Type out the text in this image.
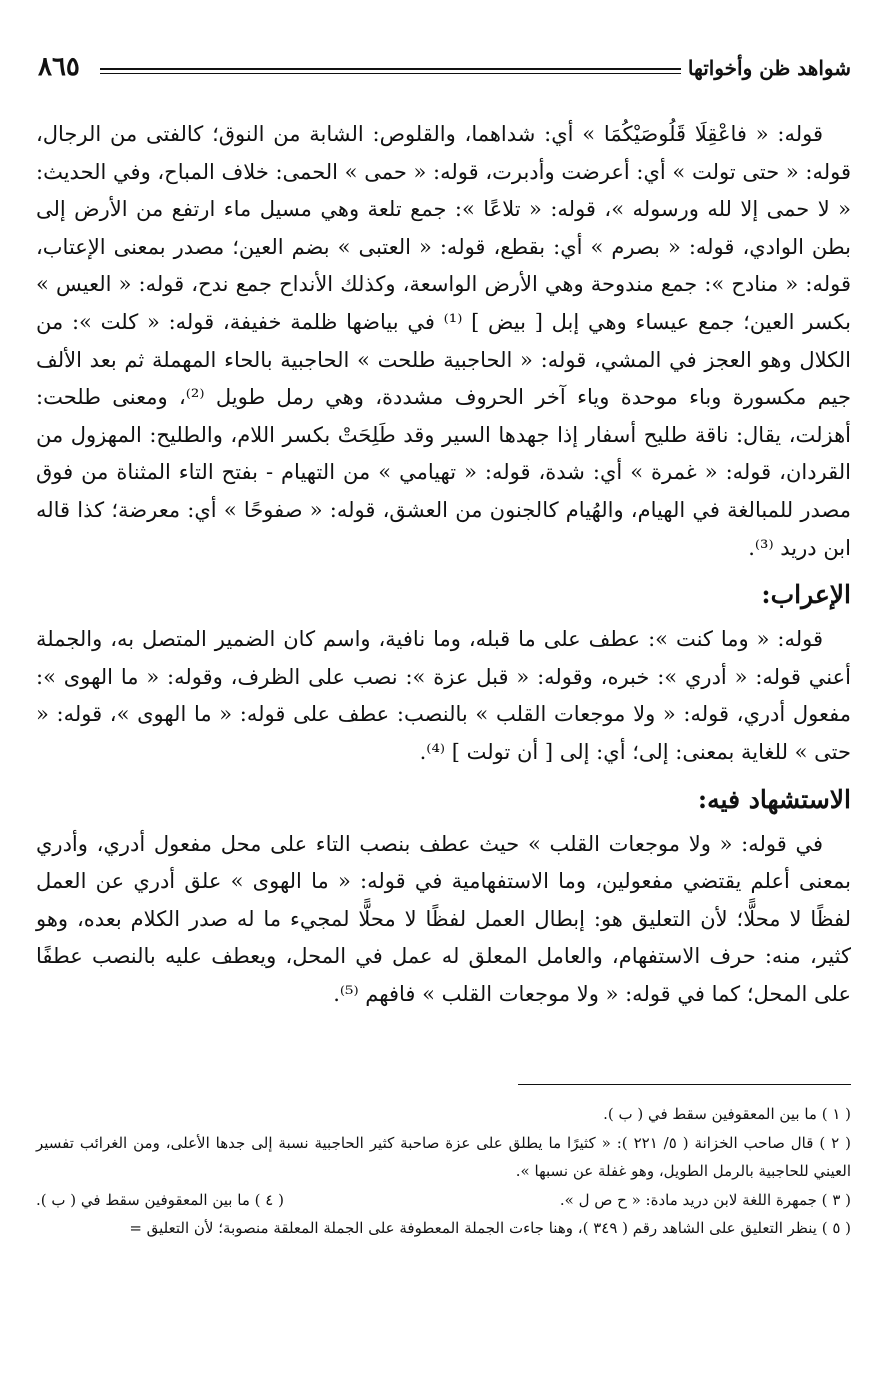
شواهد ظن وأخواتها
٨٦٥

قوله: « فاعْقِلَا قَلُوصَيْكُمَا » أي: شداهما، والقلوص: الشابة من النوق؛ كالفتى من الرجال، قوله: « حتى تولت » أي: أعرضت وأدبرت، قوله: « حمى » الحمى: خلاف المباح، وفي الحديث: « لا حمى إلا لله ورسوله »، قوله: « تلاعًا »: جمع تلعة وهي مسيل ماء ارتفع من الأرض إلى بطن الوادي، قوله: « بصرم » أي: بقطع، قوله: « العتبى » بضم العين؛ مصدر بمعنى الإعتاب، قوله: « منادح »: جمع مندوحة وهي الأرض الواسعة، وكذلك الأنداح جمع ندح، قوله: « العيس » بكسر العين؛ جمع عيساء وهي إبل [ بيض ] ⁽¹⁾ في بياضها ظلمة خفيفة، قوله: « كلت »: من الكلال وهو العجز في المشي، قوله: « الحاجبية طلحت » الحاجبية بالحاء المهملة ثم بعد الألف جيم مكسورة وباء موحدة وياء آخر الحروف مشددة، وهي رمل طويل ⁽²⁾، ومعنى طلحت: أهزلت، يقال: ناقة طليح أسفار إذا جهدها السير وقد طَلِحَتْ بكسر اللام، والطليح: المهزول من القردان، قوله: « غمرة » أي: شدة، قوله: « تهيامي » من التهيام - بفتح التاء المثناة من فوق مصدر للمبالغة في الهيام، والهُيام كالجنون من العشق، قوله: « صفوحًا » أي: معرضة؛ كذا قاله ابن دريد ⁽³⁾.

الإعراب:

قوله: « وما كنت »: عطف على ما قبله، وما نافية، واسم كان الضمير المتصل به، والجملة أعني قوله: « أدري »: خبره، وقوله: « قبل عزة »: نصب على الظرف، وقوله: « ما الهوى »: مفعول أدري، قوله: « ولا موجعات القلب » بالنصب: عطف على قوله: « ما الهوى »، قوله: « حتى » للغاية بمعنى: إلى؛ أي: إلى [ أن تولت ] ⁽⁴⁾.

الاستشهاد فيه:

في قوله: « ولا موجعات القلب » حيث عطف بنصب التاء على محل مفعول أدري، وأدري بمعنى أعلم يقتضي مفعولين، وما الاستفهامية في قوله: « ما الهوى » علق أدري عن العمل لفظًا لا محلًّا؛ لأن التعليق هو: إبطال العمل لفظًا لا محلًّا لمجيء ما له صدر الكلام بعده، وهو كثير، منه: حرف الاستفهام، والعامل المعلق له عمل في المحل، ويعطف عليه بالنصب عطفًا على المحل؛ كما في قوله: « ولا موجعات القلب » فافهم ⁽⁵⁾.

( ١ ) ما بين المعقوفين سقط في ( ب ).

( ٢ ) قال صاحب الخزانة ( ٥/ ٢٢١ ): « كثيرًا ما يطلق على عزة صاحبة كثير الحاجبية نسبة إلى جدها الأعلى، ومن الغرائب تفسير العيني للحاجبية بالرمل الطويل، وهو غفلة عن نسبها ».

( ٣ ) جمهرة اللغة لابن دريد مادة: « ح ص ل ».
( ٤ ) ما بين المعقوفين سقط في ( ب ).

( ٥ ) ينظر التعليق على الشاهد رقم ( ٣٤٩ )، وهنا جاءت الجملة المعطوفة على الجملة المعلقة منصوبة؛ لأن التعليق =
